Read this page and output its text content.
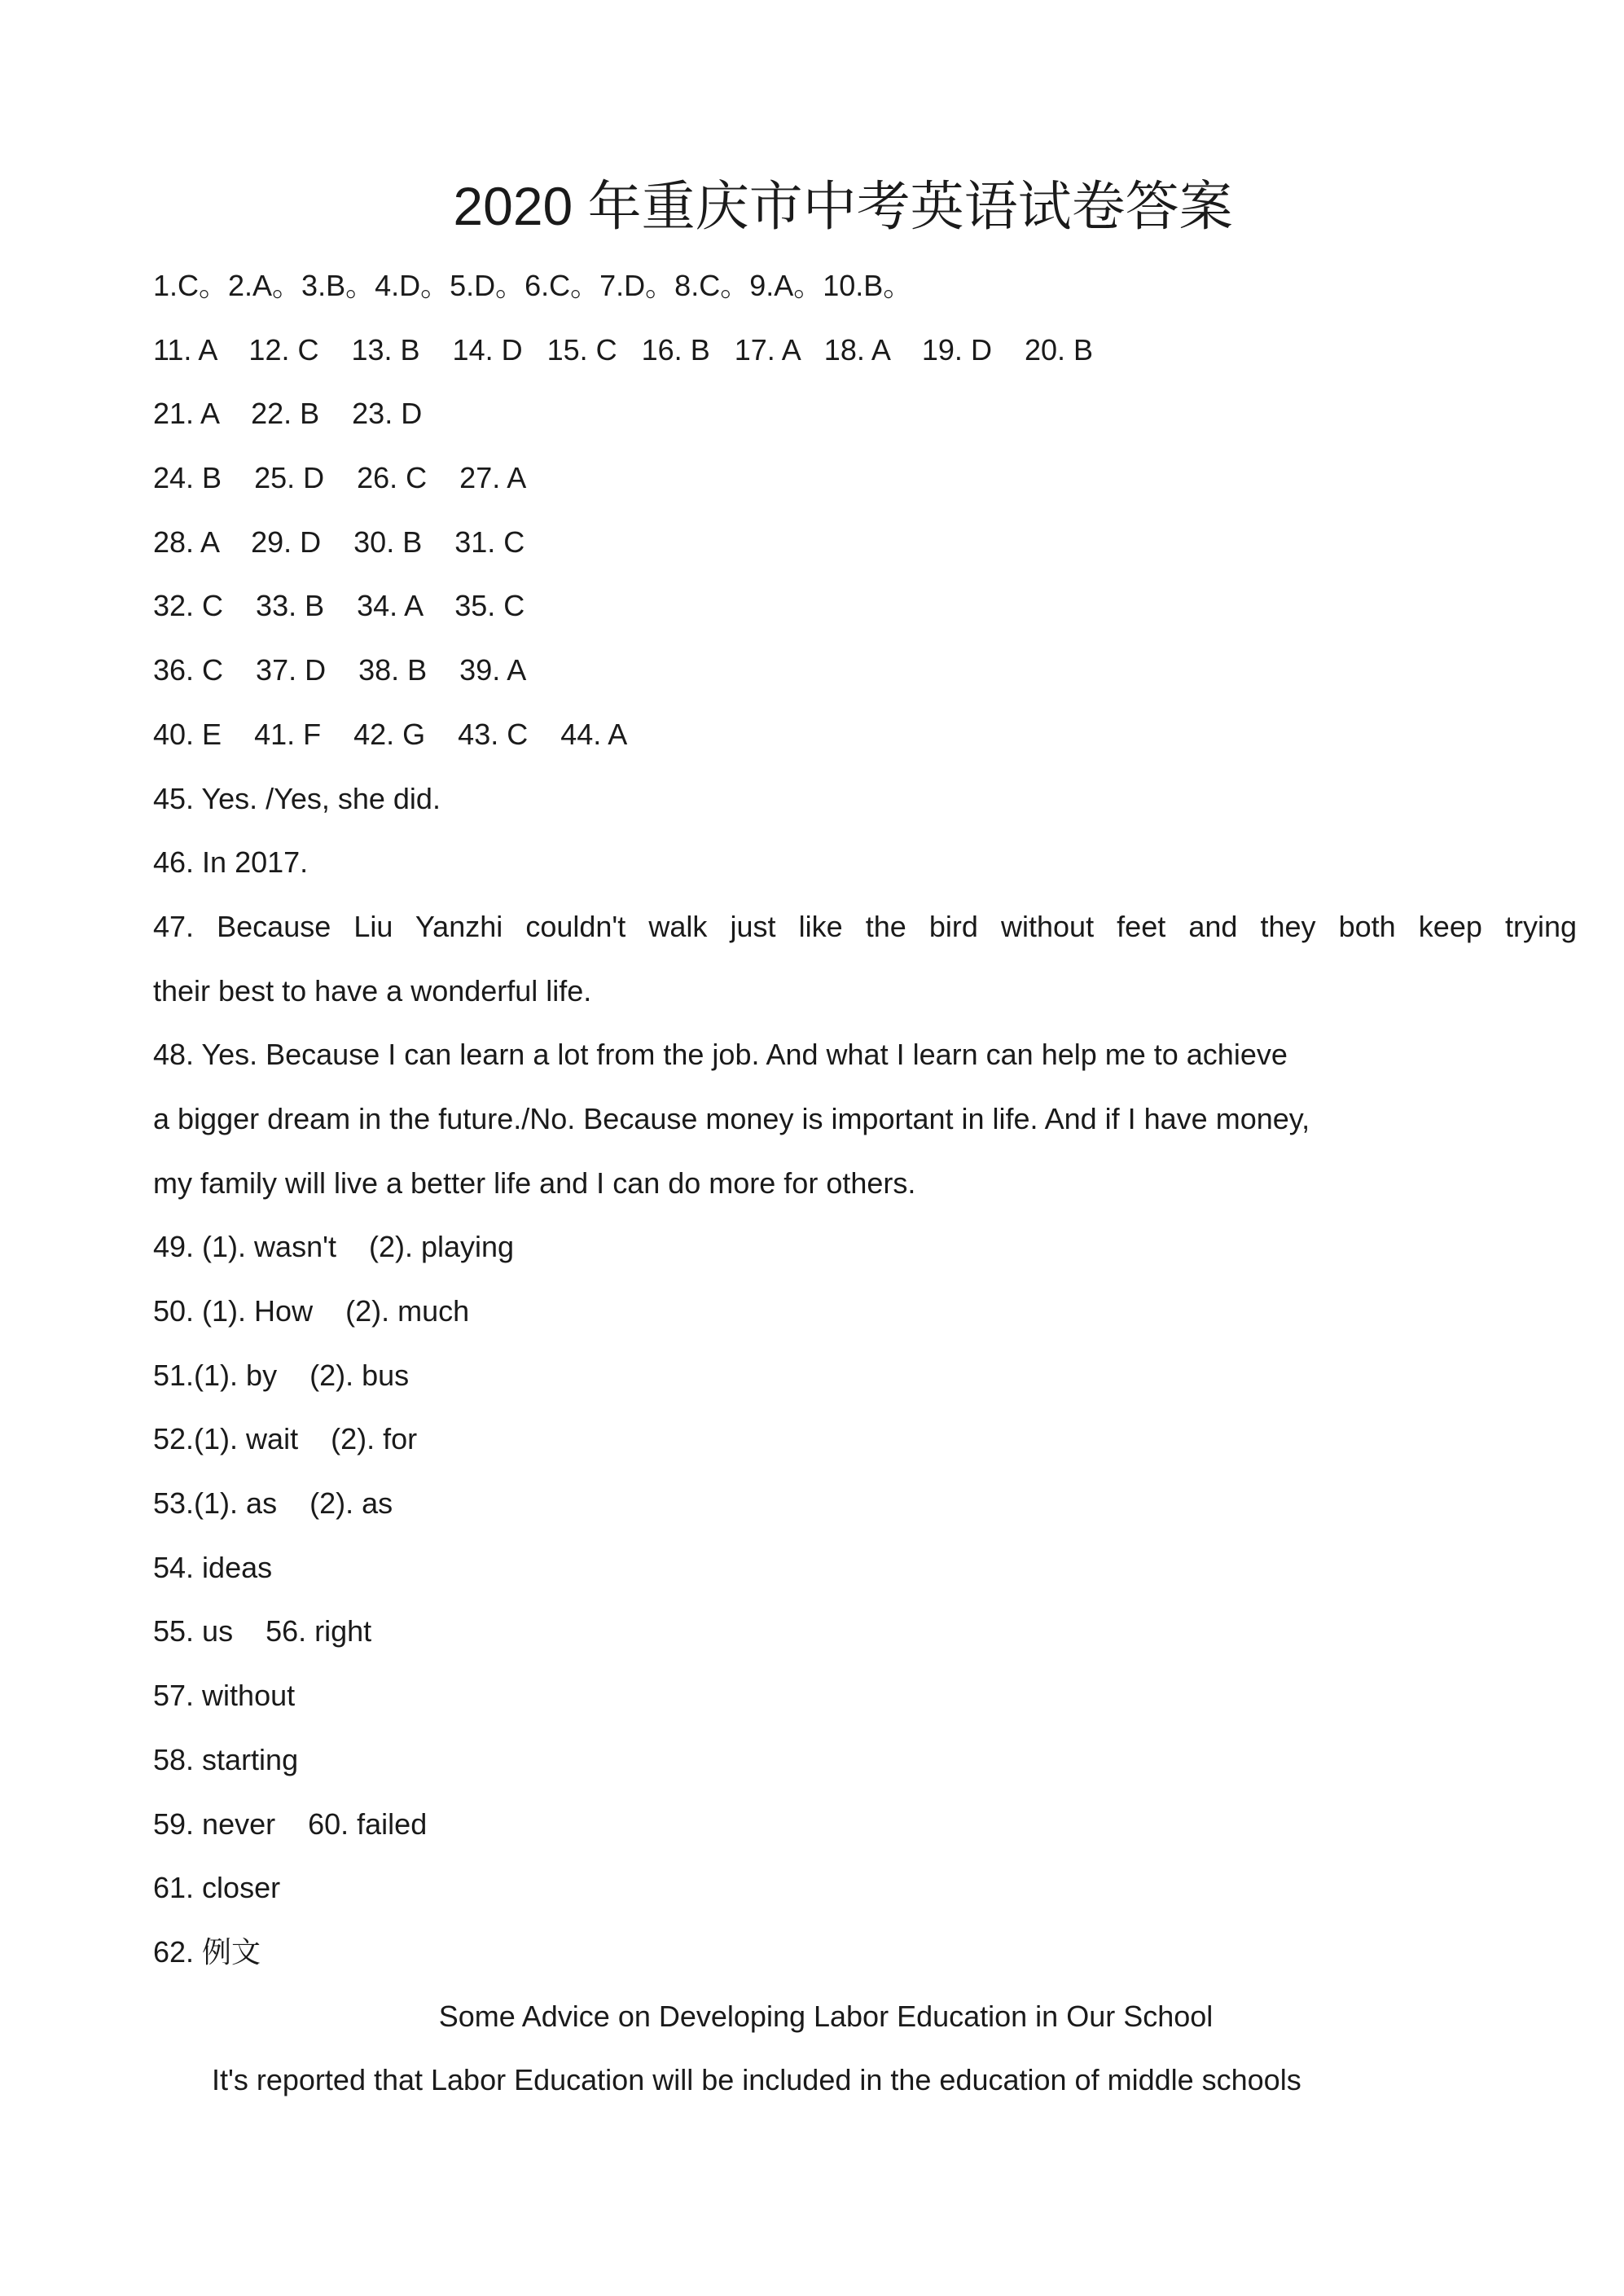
2020 年重庆市中考英语试卷答案
1.C。2.A。3.B。4.D。5.D。6.C。7.D。8.C。9.A。10.B。
11. A    12. C    13. B    14. D   15. C   16. B   17. A   18. A    19. D    20. B
21. A    22. B    23. D
24. B    25. D    26. C    27. A
28. A    29. D    30. B    31. C
32. C    33. B    34. A    35. C
36. C    37. D    38. B    39. A
40. E    41. F    42. G    43. C    44. A
45. Yes. /Yes, she did.
46. In 2017.
47. Because Liu Yanzhi couldn't walk just like the bird without feet and they both keep trying
their best to have a wonderful life.
48. Yes. Because I can learn a lot from the job. And what I learn can help me to achieve
a bigger dream in the future./No. Because money is important in life. And if I have money,
my family will live a better life and I can do more for others.
49. (1). wasn't    (2). playing
50. (1). How    (2). much
51.(1). by    (2). bus
52.(1). wait    (2). for
53.(1). as    (2). as
54. ideas
55. us    56. right
57. without
58. starting
59. never    60. failed
61. closer
62. 例文
Some Advice on Developing Labor Education in Our School
It's reported that Labor Education will be included in the education of middle schools
